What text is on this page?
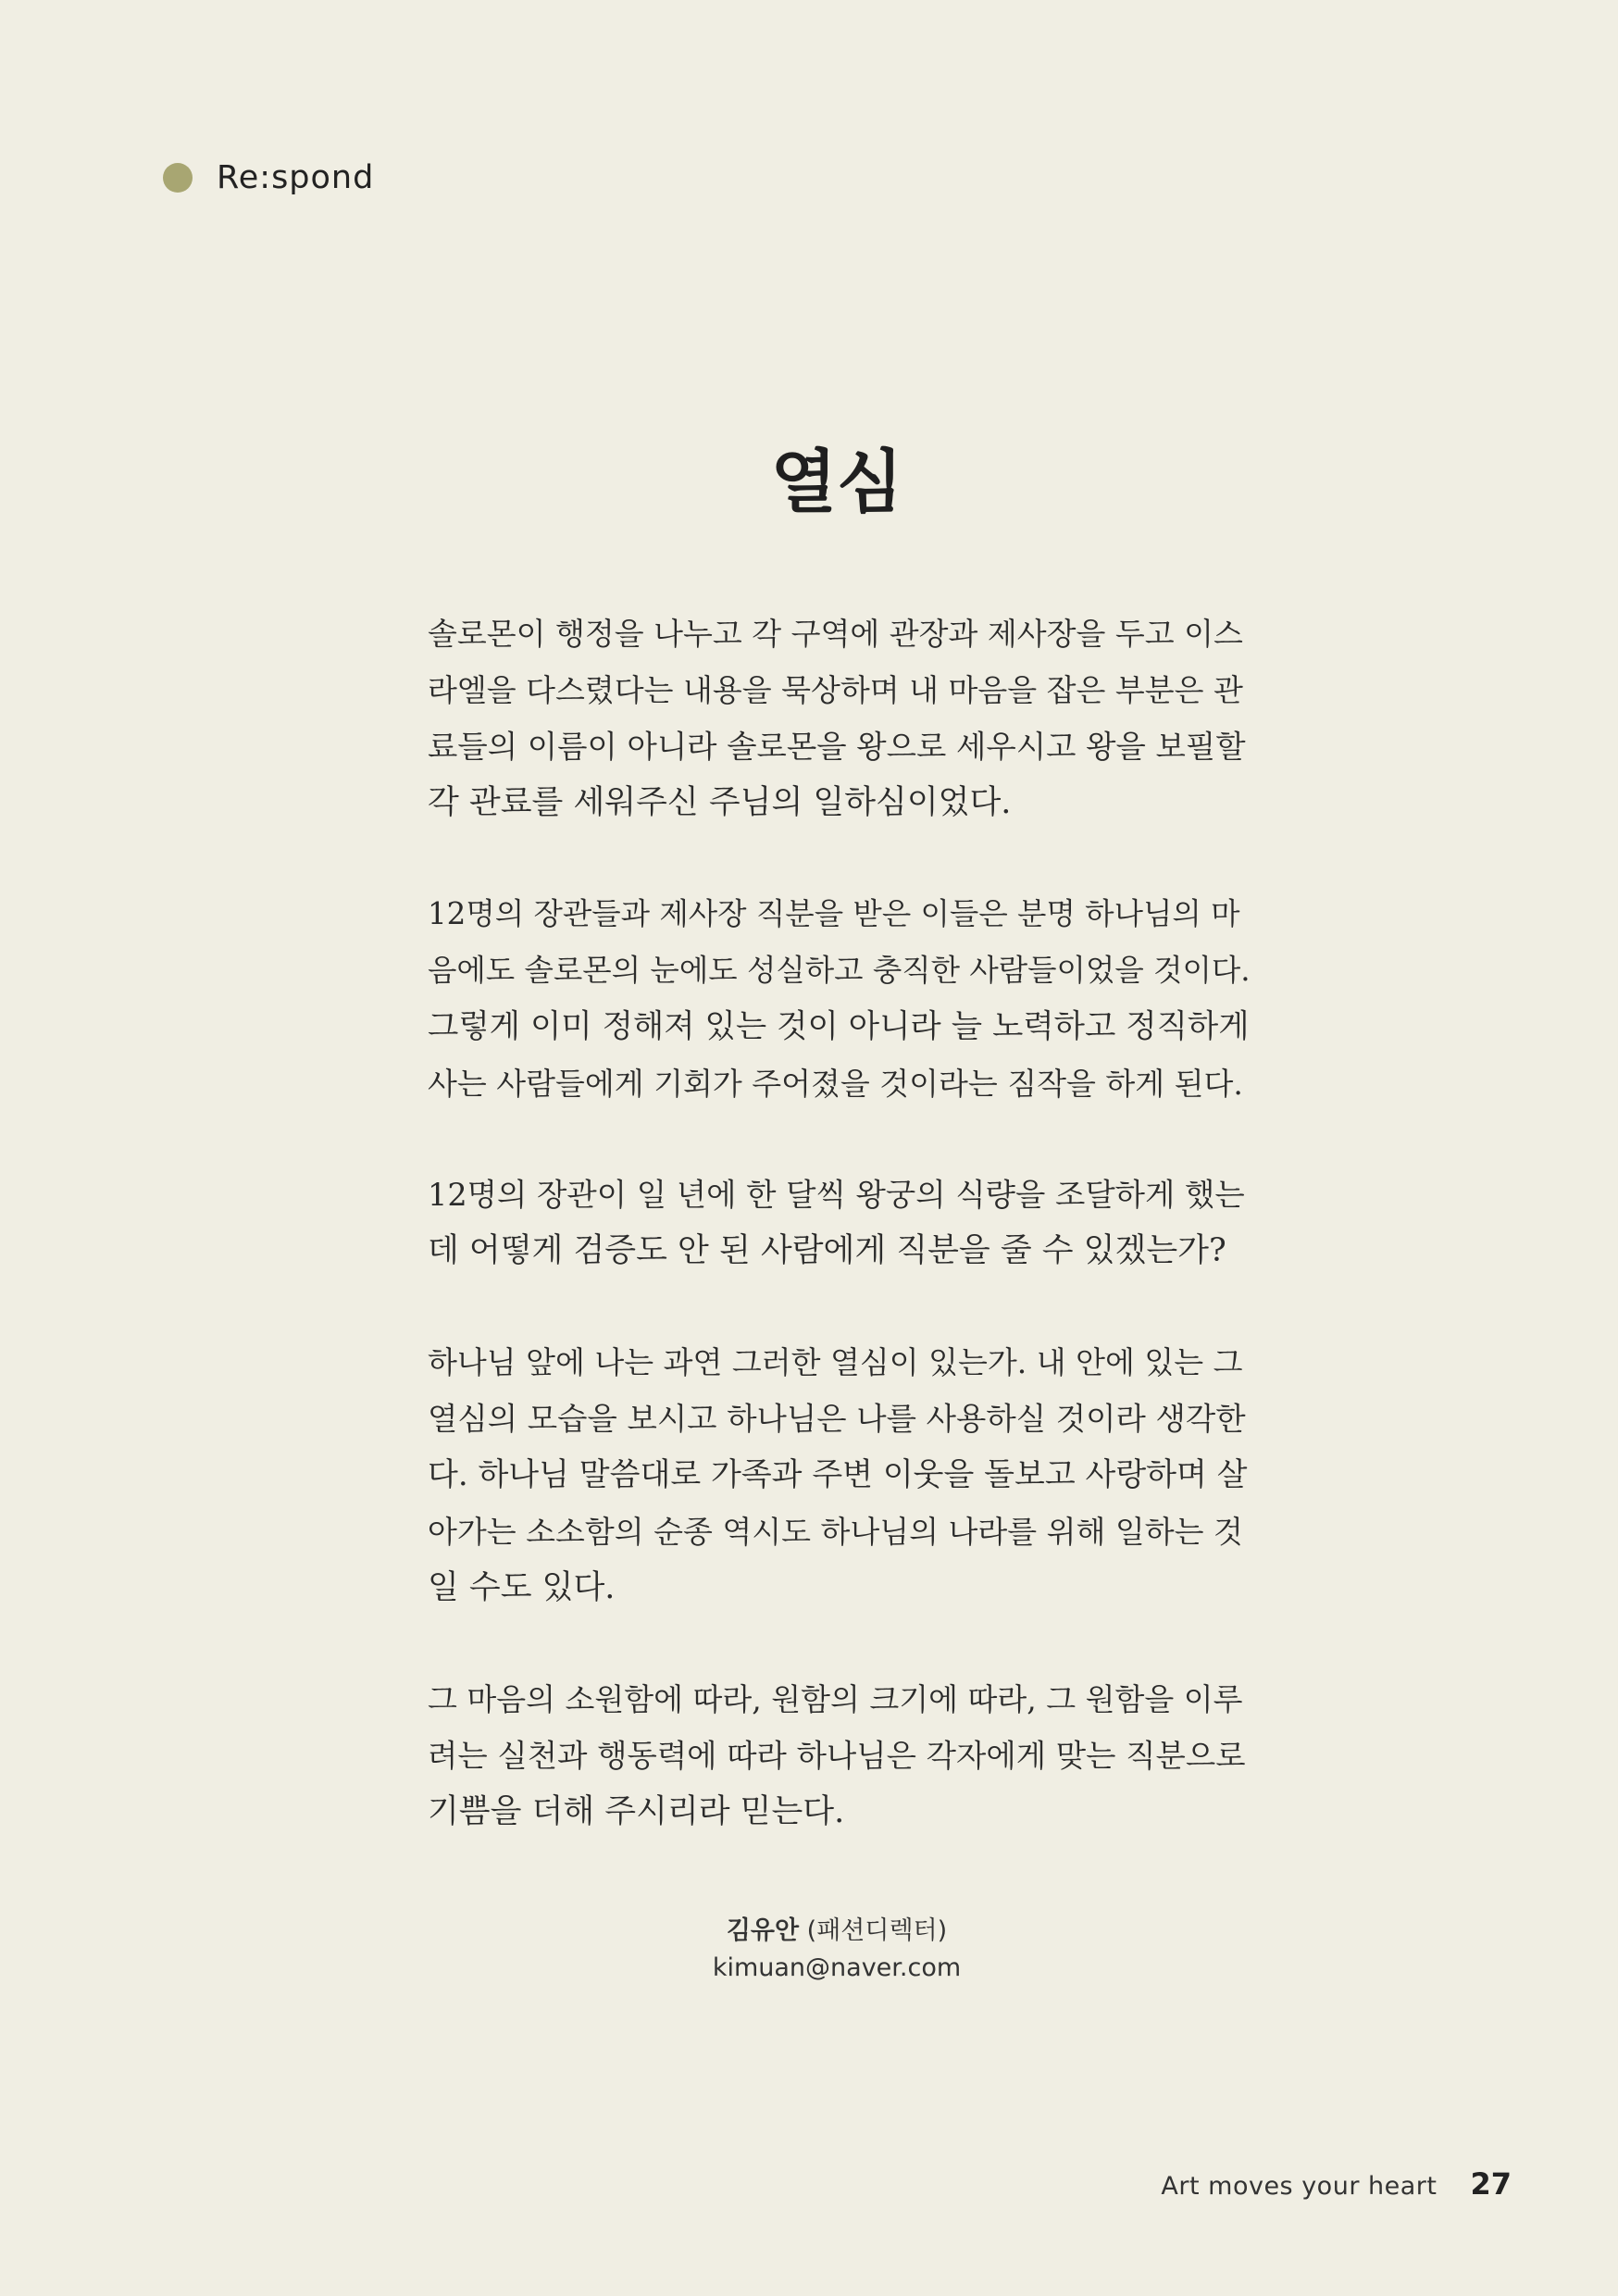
Re:spond
열심

솔로몬이 행정을 나누고 각 구역에 관장과 제사장을 두고 이스
라엘을 다스렸다는 내용을 묵상하며 내 마음을 잡은 부분은 관
료들의 이름이 아니라 솔로몬을 왕으로 세우시고 왕을 보필할
각 관료를 세워주신 주님의 일하심이었다.

12명의 장관들과 제사장 직분을 받은 이들은 분명 하나님의 마
음에도 솔로몬의 눈에도 성실하고 충직한 사람들이었을 것이다.
그렇게 이미 정해져 있는 것이 아니라 늘 노력하고 정직하게
사는 사람들에게 기회가 주어졌을 것이라는 짐작을 하게 된다.

12명의 장관이 일 년에 한 달씩 왕궁의 식량을 조달하게 했는
데 어떻게 검증도 안 된 사람에게 직분을 줄 수 있겠는가?

하나님 앞에 나는 과연 그러한 열심이 있는가. 내 안에 있는 그
열심의 모습을 보시고 하나님은 나를 사용하실 것이라 생각한
다. 하나님 말씀대로 가족과 주변 이웃을 돌보고 사랑하며 살
아가는 소소함의 순종 역시도 하나님의 나라를 위해 일하는 것
일 수도 있다.

그 마음의 소원함에 따라, 원함의 크기에 따라, 그 원함을 이루
려는 실천과 행동력에 따라 하나님은 각자에게 맞는 직분으로
기쁨을 더해 주시리라 믿는다.

김유안 (패션디렉터)
kimuan@naver.com
Art moves your heart 27
